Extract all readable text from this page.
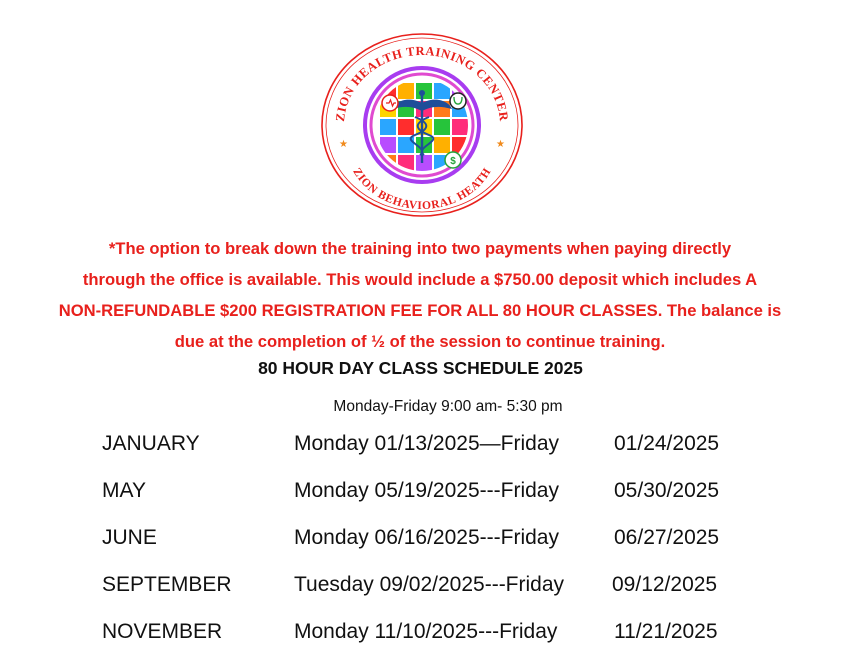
ZION HEALTH TRAINING CENTER
ZION BEHAVIORAL HEATH
★	★
$
*The option to break down the training into two payments when paying directly
through the office is available. This would include a $750.00 deposit which includes A
NON-REFUNDABLE $200 REGISTRATION FEE FOR ALL 80 HOUR CLASSES. The balance is
due at the completion of ½ of the session to continue training.
80 HOUR DAY CLASS SCHEDULE 2025
Monday-Friday 9:00 am- 5:30 pm
JANUARY	Monday 01/13/2025—Friday	01/24/2025
MAY	Monday 05/19/2025---Friday	05/30/2025
JUNE	Monday 06/16/2025---Friday	06/27/2025
SEPTEMBER	Tuesday 09/02/2025---Friday 09/12/2025
NOVEMBER	Monday 11/10/2025---Friday	11/21/2025
